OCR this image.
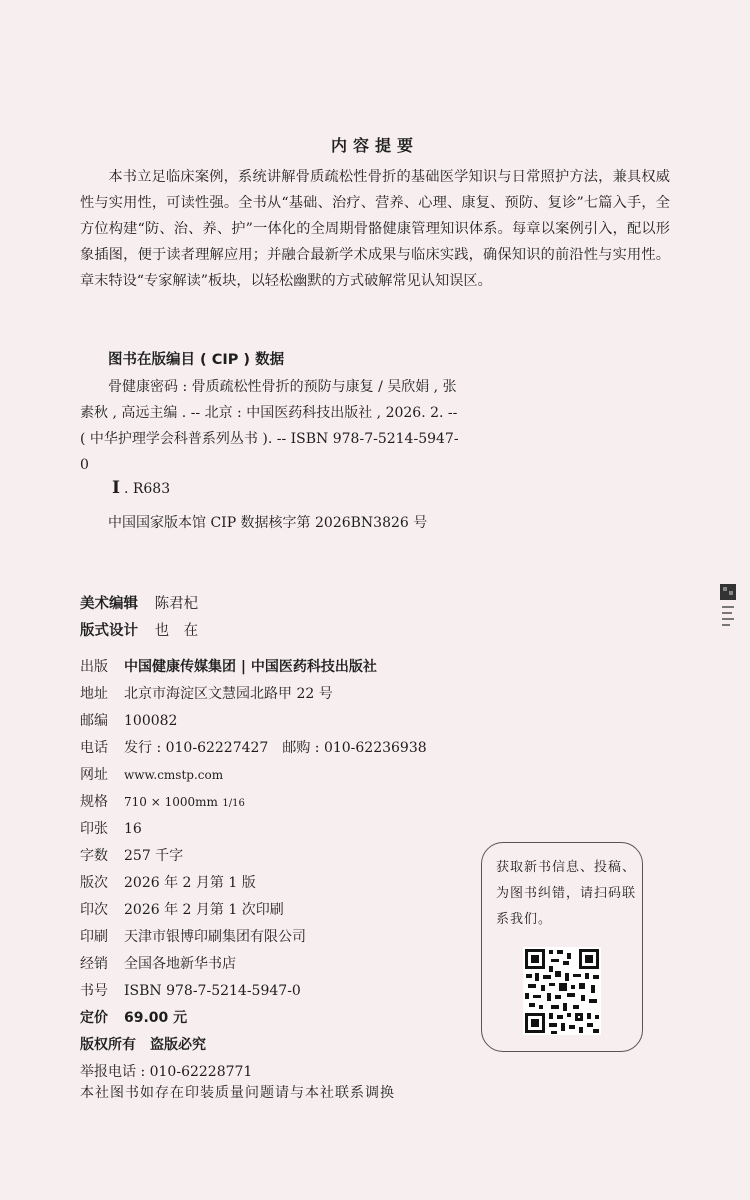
内容提要
本书立足临床案例，系统讲解骨质疏松性骨折的基础医学知识与日常照护方法，兼具权威性与实用性，可读性强。全书从“基础、治疗、营养、心理、康复、预防、复诊”七篇入手，全方位构建“防、治、养、护”一体化的全周期骨骼健康管理知识体系。每章以案例引入，配以形象插图，便于读者理解应用；并融合最新学术成果与临床实践，确保知识的前沿性与实用性。章末特设“专家解读”板块，以轻松幽默的方式破解常见认知误区。
图书在版编目 ( CIP ) 数据
骨健康密码 : 骨质疏松性骨折的预防与康复 / 吴欣娟 , 张素秋 , 高远主编 . -- 北京 : 中国医药科技出版社 , 2026. 2. -- ( 中华护理学会科普系列丛书 ). -- ISBN 978-7-5214-5947-0
Ⅰ . R683
中国国家版本馆 CIP 数据核字第 2026BN3826 号
美术编辑 陈君杞
版式设计 也　在
出版 中国健康传媒集团 | 中国医药科技出版社
地址 北京市海淀区文慧园北路甲 22 号
邮编 100082
电话 发行 : 010-62227427　邮购 : 010-62236938
网址 www.cmstp.com
规格 710 × 1000mm 1/16
印张 16
字数 257 千字
版次 2026 年 2 月第 1 版
印次 2026 年 2 月第 1 次印刷
印刷 天津市银博印刷集团有限公司
经销 全国各地新华书店
书号 ISBN 978-7-5214-5947-0
定价 69.00 元
版权所有　盗版必究
举报电话 : 010-62228771
本社图书如存在印装质量问题请与本社联系调换
获取新书信息、投稿、为图书纠错，请扫码联系我们。
